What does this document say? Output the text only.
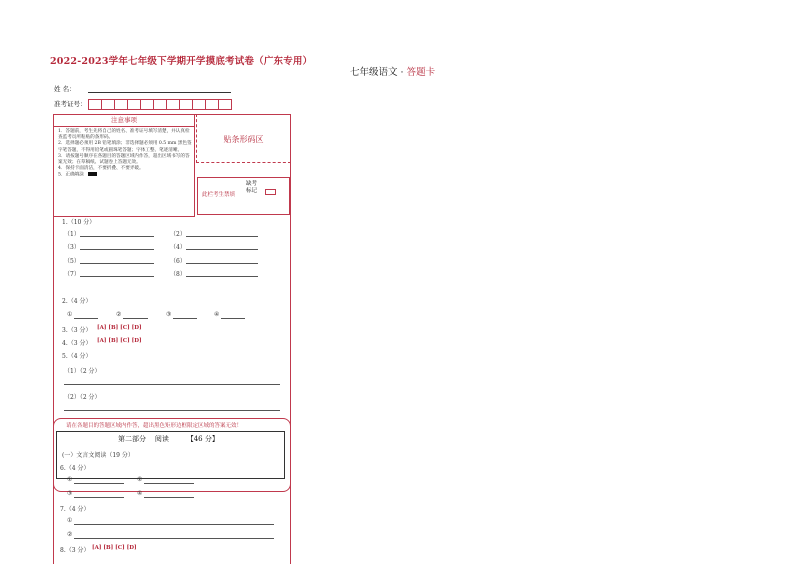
2022-2023学年七年级下学期开学摸底考试卷（广东专用）
七年级语文 · 答题卡
姓 名：
准考证号：
注意事项
1．答题前，考生先将自己的姓名、准考证号填写清楚，并认真检查监考员所粘贴的条形码。
2．选择题必须用 2B 铅笔填涂；非选择题必须用 0.5 mm 黑色签字笔答题，不得用铅笔或圆珠笔答题；字体工整、笔迹清晰。
3．请按题号顺序在各题目的答题区域内作答，超出区域书写的答案无效；在草稿纸、试题卷上答题无效。
4．保持卡面清洁，不要折叠、不要弄破。
5．正确填涂
贴条形码区
此栏考生禁填
缺考
标记
1.（10 分）
（1）	（2）
（3）	（4）
（5）	（6）
（7）	（8）
2.（4 分）
①	②	③	④
3.（3 分） [A] [B] [C] [D]
4.（3 分） [A] [B] [C] [D]
5.（4 分）
（1）（2 分）
（2）（2 分）
请在各题目的答题区域内作答，超出黑色矩形边框限定区域的答案无效！
第二部分    阅读        【46 分】
(一）文言文阅读（19 分）
6.（4 分）
①	②
③	④
7.（4 分）
①
②
8.（3 分） [A] [B] [C] [D]
